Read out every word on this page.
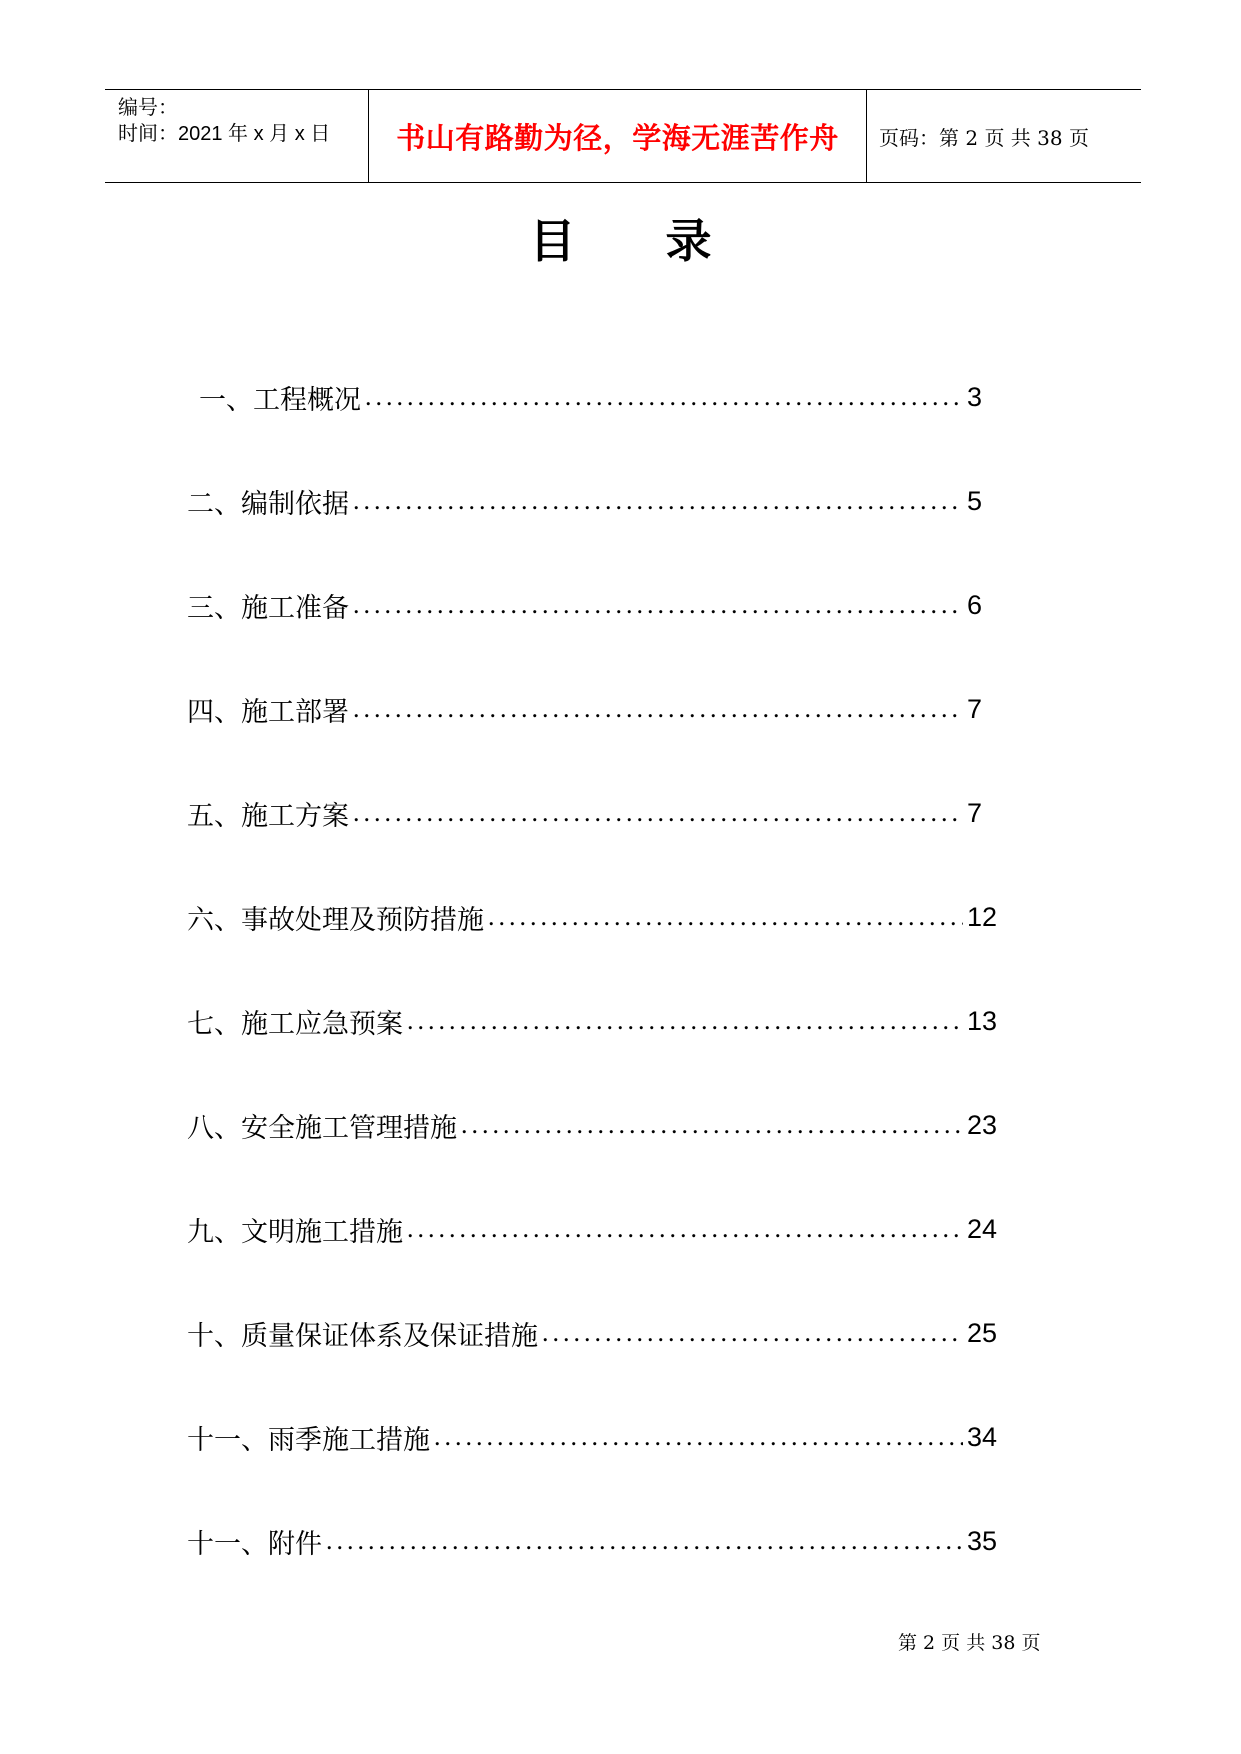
编号：
时间：2021 年 x 月 x 日 书山有路勤为径，学海无涯苦作舟 页码：第 2 页 共 38 页
目 录
一、 工程概况 .....	3
二、 编制依据 .....	5
三、 施工准备 .....	6
四、 施工部署 .....	7
五、 施工方案 .....	7
六、 事故处理及预防措施 .....	12
七、 施工应急预案 .....	13
八、 安全施工管理措施 .....	23
九、 文明施工措施 .....	24
十、 质量保证体系及保证措施 .....	25
十一、 雨季施工措施 .....	34
十一、 附件 .....	35
第 2 页 共 38 页
